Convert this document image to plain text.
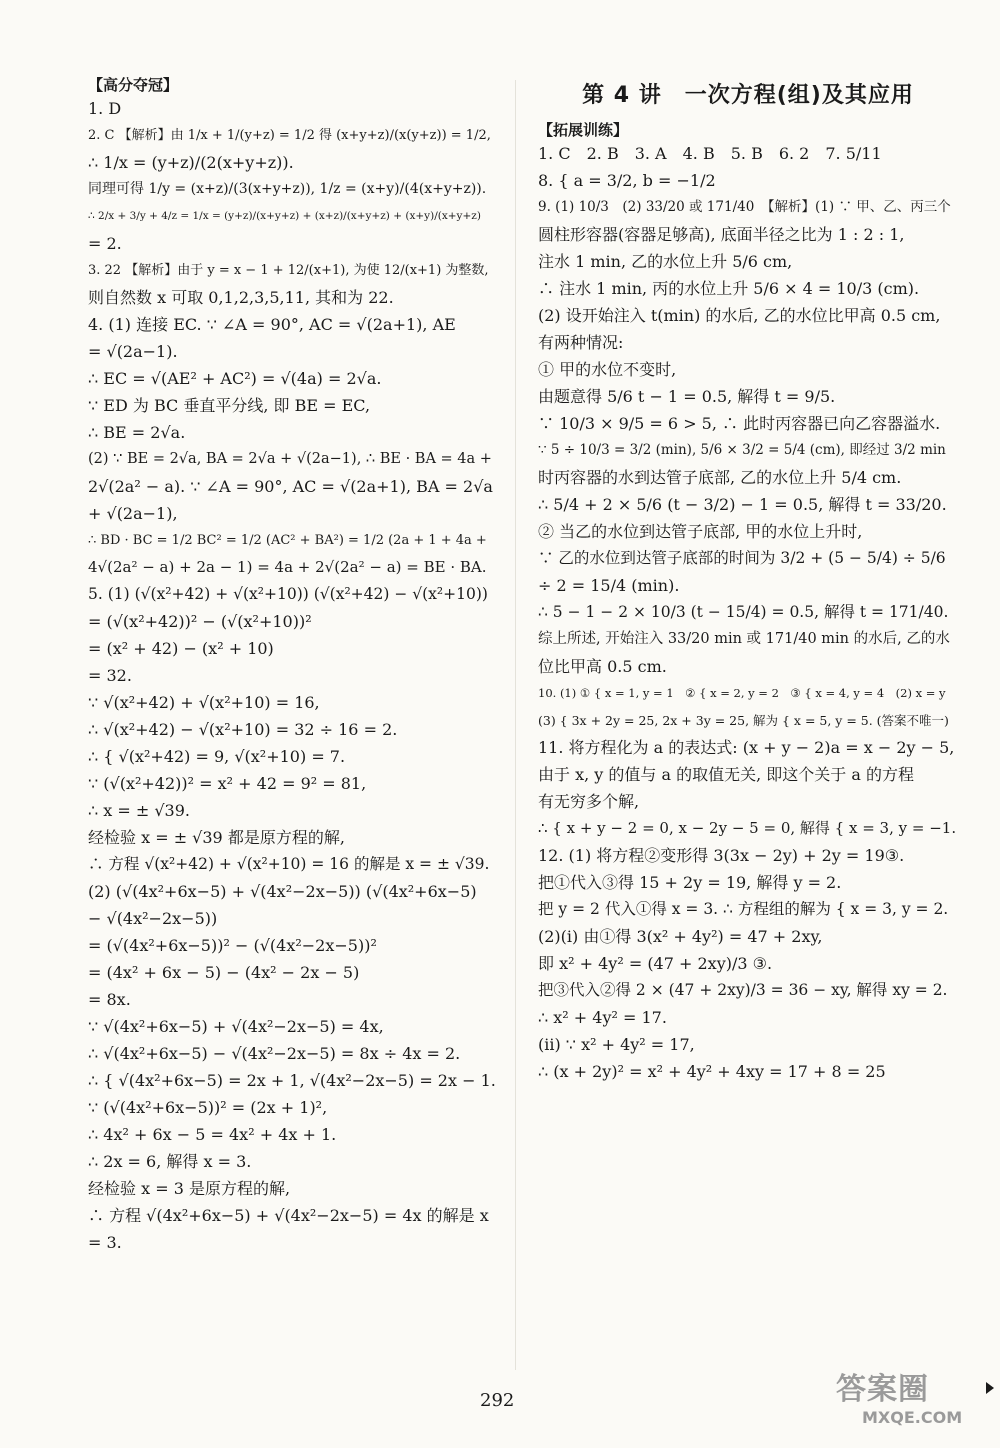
【高分夺冠】
1. D
2. C 【解析】由 1/x + 1/(y+z) = 1/2 得 (x+y+z)/(x(y+z)) = 1/2,
∴ 1/x = (y+z)/(2(x+y+z)).
同理可得 1/y = (x+z)/(3(x+y+z)), 1/z = (x+y)/(4(x+y+z)).
∴ 2/x + 3/y + 4/z = 1/x = (y+z)/(x+y+z) + (x+z)/(x+y+z) + (x+y)/(x+y+z)
= 2.
3. 22 【解析】由于 y = x − 1 + 12/(x+1), 为使 12/(x+1) 为整数,
则自然数 x 可取 0,1,2,3,5,11, 其和为 22.
4. (1) 连接 EC. ∵ ∠A = 90°, AC = √(2a+1), AE
= √(2a−1).
∴ EC = √(AE² + AC²) = √(4a) = 2√a.
∵ ED 为 BC 垂直平分线, 即 BE = EC,
∴ BE = 2√a.
(2) ∵ BE = 2√a, BA = 2√a + √(2a−1), ∴ BE · BA = 4a +
2√(2a² − a). ∵ ∠A = 90°, AC = √(2a+1), BA = 2√a
+ √(2a−1),
∴ BD · BC = 1/2 BC² = 1/2 (AC² + BA²) = 1/2 (2a + 1 + 4a +
4√(2a² − a) + 2a − 1) = 4a + 2√(2a² − a) = BE · BA.
5. (1) (√(x²+42) + √(x²+10)) (√(x²+42) − √(x²+10))
= (√(x²+42))² − (√(x²+10))²
= (x² + 42) − (x² + 10)
= 32.
∵ √(x²+42) + √(x²+10) = 16,
∴ √(x²+42) − √(x²+10) = 32 ÷ 16 = 2.
∴ { √(x²+42) = 9, √(x²+10) = 7.
∵ (√(x²+42))² = x² + 42 = 9² = 81,
∴ x = ± √39.
经检验 x = ± √39 都是原方程的解,
∴ 方程 √(x²+42) + √(x²+10) = 16 的解是 x = ± √39.
(2) (√(4x²+6x−5) + √(4x²−2x−5)) (√(4x²+6x−5)
− √(4x²−2x−5))
= (√(4x²+6x−5))² − (√(4x²−2x−5))²
= (4x² + 6x − 5) − (4x² − 2x − 5)
= 8x.
∵ √(4x²+6x−5) + √(4x²−2x−5) = 4x,
∴ √(4x²+6x−5) − √(4x²−2x−5) = 8x ÷ 4x = 2.
∴ { √(4x²+6x−5) = 2x + 1, √(4x²−2x−5) = 2x − 1.
∵ (√(4x²+6x−5))² = (2x + 1)²,
∴ 4x² + 6x − 5 = 4x² + 4x + 1.
∴ 2x = 6, 解得 x = 3.
经检验 x = 3 是原方程的解,
∴ 方程 √(4x²+6x−5) + √(4x²−2x−5) = 4x 的解是 x
= 3.
第 4 讲　一次方程(组)及其应用
【拓展训练】
1. C　2. B　3. A　4. B　5. B　6. 2　7. 5/11
8. { a = 3/2, b = −1/2
9. (1) 10/3　(2) 33/20 或 171/40　【解析】(1) ∵ 甲、乙、丙三个
圆柱形容器(容器足够高), 底面半径之比为 1 : 2 : 1,
注水 1 min, 乙的水位上升 5/6 cm,
∴ 注水 1 min, 丙的水位上升 5/6 × 4 = 10/3 (cm).
(2) 设开始注入 t(min) 的水后, 乙的水位比甲高 0.5 cm,
有两种情况:
① 甲的水位不变时,
由题意得 5/6 t − 1 = 0.5, 解得 t = 9/5.
∵ 10/3 × 9/5 = 6 > 5, ∴ 此时丙容器已向乙容器溢水.
∵ 5 ÷ 10/3 = 3/2 (min), 5/6 × 3/2 = 5/4 (cm), 即经过 3/2 min
时丙容器的水到达管子底部, 乙的水位上升 5/4 cm.
∴ 5/4 + 2 × 5/6 (t − 3/2) − 1 = 0.5, 解得 t = 33/20.
② 当乙的水位到达管子底部, 甲的水位上升时,
∵ 乙的水位到达管子底部的时间为 3/2 + (5 − 5/4) ÷ 5/6
÷ 2 = 15/4 (min).
∴ 5 − 1 − 2 × 10/3 (t − 15/4) = 0.5, 解得 t = 171/40.
综上所述, 开始注入 33/20 min 或 171/40 min 的水后, 乙的水
位比甲高 0.5 cm.
10. (1) ① { x = 1, y = 1　② { x = 2, y = 2　③ { x = 4, y = 4　(2) x = y
(3) { 3x + 2y = 25, 2x + 3y = 25, 解为 { x = 5, y = 5. (答案不唯一)
11. 将方程化为 a 的表达式: (x + y − 2)a = x − 2y − 5,
由于 x, y 的值与 a 的取值无关, 即这个关于 a 的方程
有无穷多个解,
∴ { x + y − 2 = 0, x − 2y − 5 = 0, 解得 { x = 3, y = −1.
12. (1) 将方程②变形得 3(3x − 2y) + 2y = 19③.
把①代入③得 15 + 2y = 19, 解得 y = 2.
把 y = 2 代入①得 x = 3. ∴ 方程组的解为 { x = 3, y = 2.
(2)(i) 由①得 3(x² + 4y²) = 47 + 2xy,
即 x² + 4y² = (47 + 2xy)/3 ③.
把③代入②得 2 × (47 + 2xy)/3 = 36 − xy, 解得 xy = 2.
∴ x² + 4y² = 17.
(ii) ∵ x² + 4y² = 17,
∴ (x + 2y)² = x² + 4y² + 4xy = 17 + 8 = 25
292	答案圈
MXQE.COM
